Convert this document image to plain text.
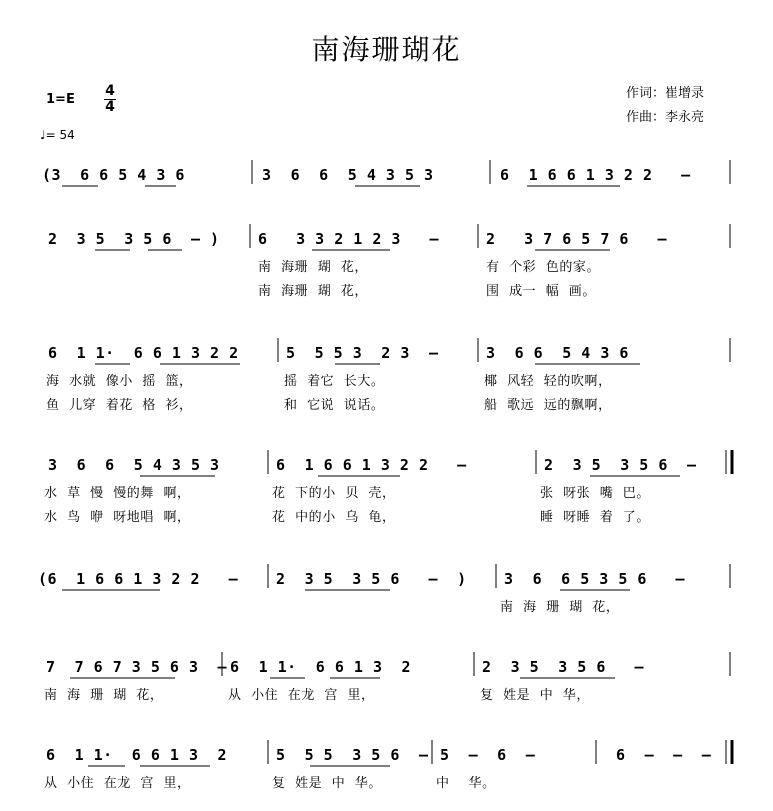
南海珊瑚花
1=E
4
4
♩= 54
作词：崔增录
作曲：李永亮
(3  6 6 5 4 3 6	3  6  6  5 4 3 5 3	6  1 6 6 1 3 2 2   –
2  3 5  3 5 6  – )	6   3 3 2 1 2 3   –	2   3 7 6 5 7 6   –
南  海珊  瑚  花，	有  个彩  色的家。
南  海珊  瑚  花，	围  成一  幅  画。
6  1 1·  6 6 1 3 2 2	5  5 5 3  2 3  –	3  6 6  5 4 3 6
海  水就  像小  摇  篮，	摇  着它  长大。	椰  风轻  轻的吹啊，
鱼  儿穿  着花  格  衫，	和  它说  说话。	船  歌远  远的飘啊，
3  6  6  5 4 3 5 3	6  1 6 6 1 3 2 2   –	2  3 5  3 5 6  –
水  草  慢  慢的舞  啊，	花  下的小  贝  壳，	张  呀张  嘴  巴。
水  鸟  咿  呀地唱  啊，	花  中的小  乌  龟，	睡  呀睡  着  了。
(6  1 6 6 1 3 2 2   –	2  3 5  3 5 6   –  ) 3  6  6 5 3 5 6   –
南  海  珊  瑚  花，
7  7 6 7 3 5 6 3  – 6  1 1·  6 6 1 3  2	2  3 5  3 5 6   –
南  海  珊  瑚  花，	从  小住  在龙  宫  里，	复  姓是  中  华，
6  1 1·  6 6 1 3  2	5  5 5  3 5 6  – 5  –  6  –	6  –  –  –
从  小住  在龙  宫  里，	复  姓是  中  华。	中    华。
